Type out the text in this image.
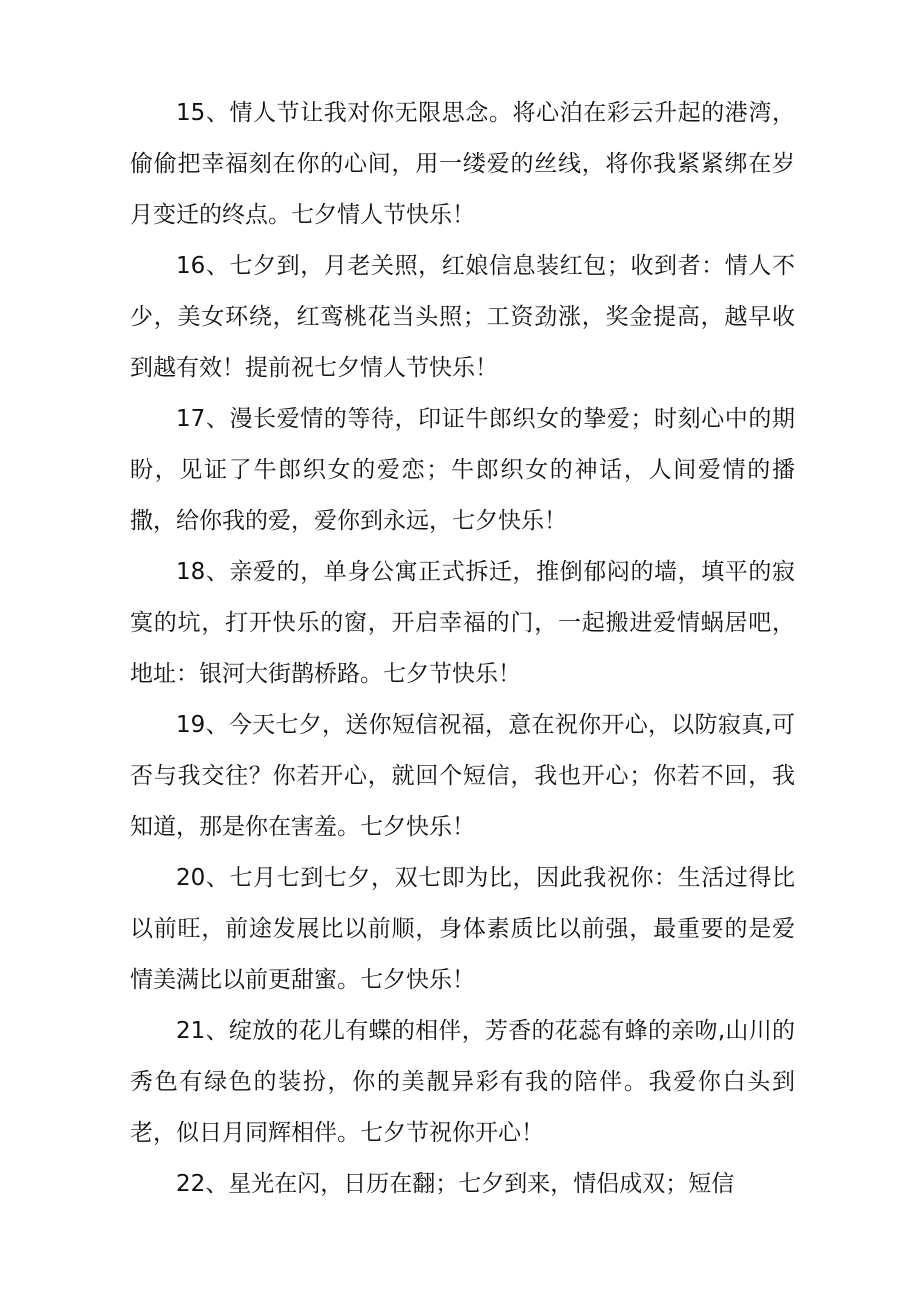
15、情人节让我对你无限思念。将心泊在彩云升起的港湾，偷偷把幸福刻在你的心间，用一缕爱的丝线，将你我紧紧绑在岁月变迁的终点。七夕情人节快乐！

16、七夕到，月老关照，红娘信息装红包；收到者：情人不少，美女环绕，红鸾桃花当头照；工资劲涨，奖金提高，越早收到越有效！提前祝七夕情人节快乐！

17、漫长爱情的等待，印证牛郎织女的挚爱；时刻心中的期盼，见证了牛郎织女的爱恋；牛郎织女的神话，人间爱情的播撒，给你我的爱，爱你到永远，七夕快乐！

18、亲爱的，单身公寓正式拆迁，推倒郁闷的墙，填平的寂寞的坑，打开快乐的窗，开启幸福的门，一起搬进爱情蜗居吧，地址：银河大街鹊桥路。七夕节快乐！

19、今天七夕，送你短信祝福，意在祝你开心，以防寂真,可否与我交往？你若开心，就回个短信，我也开心；你若不回，我知道，那是你在害羞。七夕快乐！

20、七月七到七夕，双七即为比，因此我祝你：生活过得比以前旺，前途发展比以前顺，身体素质比以前强，最重要的是爱情美满比以前更甜蜜。七夕快乐！

21、绽放的花儿有蝶的相伴，芳香的花蕊有蜂的亲吻,山川的秀色有绿色的装扮，你的美靓异彩有我的陪伴。我爱你白头到老，似日月同辉相伴。七夕节祝你开心！

22、星光在闪，日历在翻；七夕到来，情侣成双；短信
